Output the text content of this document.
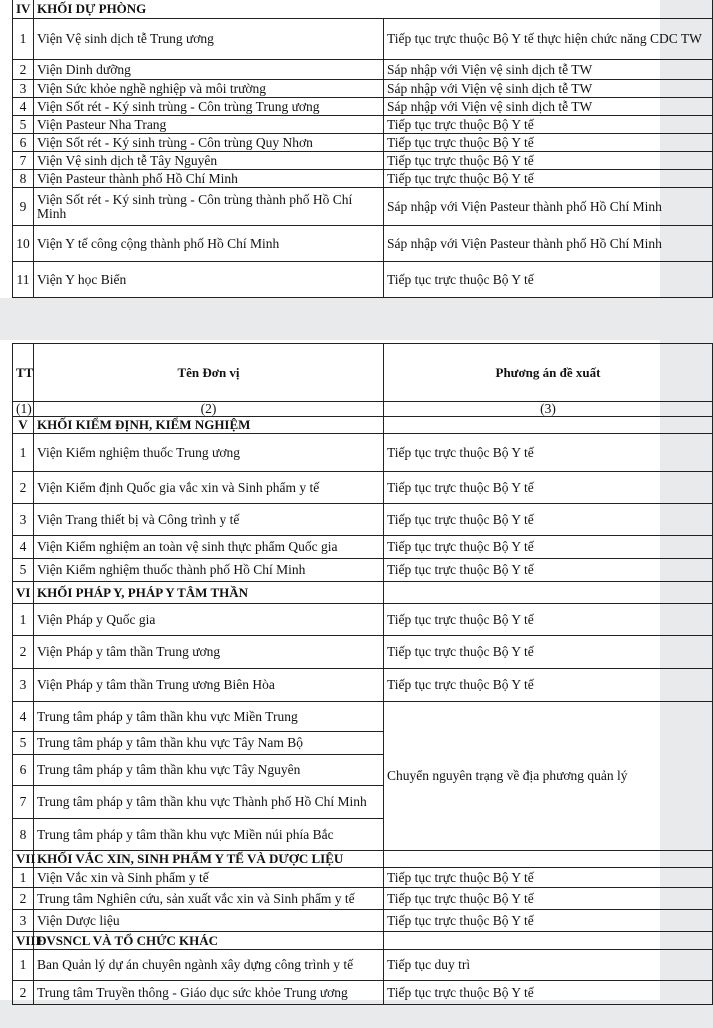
IV	KHỐI DỰ PHÒNG	
1	Viện Vệ sinh dịch tễ Trung ương	Tiếp tục trực thuộc Bộ Y tế thực hiện chức năng CDC TW
2	Viện Dinh dưỡng	Sáp nhập với Viện vệ sinh dịch tễ TW
3	Viện Sức khỏe nghề nghiệp và môi trường	Sáp nhập với Viện vệ sinh dịch tễ TW
4	Viện Sốt rét - Ký sinh trùng - Côn trùng Trung ương	Sáp nhập với Viện vệ sinh dịch tễ TW
5	Viện Pasteur Nha Trang	Tiếp tục trực thuộc Bộ Y tế
6	Viện Sốt rét - Ký sinh trùng - Côn trùng Quy Nhơn	Tiếp tục trực thuộc Bộ Y tế
7	Viện Vệ sinh dịch tễ Tây Nguyên	Tiếp tục trực thuộc Bộ Y tế
8	Viện Pasteur thành phố Hồ Chí Minh	Tiếp tục trực thuộc Bộ Y tế
9	Viện Sốt rét - Ký sinh trùng - Côn trùng thành phố Hồ Chí Minh	Sáp nhập với Viện Pasteur thành phố Hồ Chí Minh
10	Viện Y tế công cộng thành phố Hồ Chí Minh	Sáp nhập với Viện Pasteur thành phố Hồ Chí Minh
11	Viện Y học Biển	Tiếp tục trực thuộc Bộ Y tế
TT	Tên Đơn vị	Phương án đề xuất
(1)	(2)	(3)
V	KHỐI KIỂM ĐỊNH, KIỂM NGHIỆM	
1	Viện Kiểm nghiệm thuốc Trung ương	Tiếp tục trực thuộc Bộ Y tế
2	Viện Kiểm định Quốc gia vắc xin và Sinh phẩm y tế	Tiếp tục trực thuộc Bộ Y tế
3	Viện Trang thiết bị và Công trình y tế	Tiếp tục trực thuộc Bộ Y tế
4	Viện Kiểm nghiệm an toàn vệ sinh thực phẩm Quốc gia	Tiếp tục trực thuộc Bộ Y tế
5	Viện Kiểm nghiệm thuốc thành phố Hồ Chí Minh	Tiếp tục trực thuộc Bộ Y tế
VI	KHỐI PHÁP Y, PHÁP Y TÂM THẦN	
1	Viện Pháp y Quốc gia	Tiếp tục trực thuộc Bộ Y tế
2	Viện Pháp y tâm thần Trung ương	Tiếp tục trực thuộc Bộ Y tế
3	Viện Pháp y tâm thần Trung ương Biên Hòa	Tiếp tục trực thuộc Bộ Y tế
4	Trung tâm pháp y tâm thần khu vực Miền Trung	Chuyển nguyên trạng về địa phương quản lý
5	Trung tâm pháp y tâm thần khu vực Tây Nam Bộ	
6	Trung tâm pháp y tâm thần khu vực Tây Nguyên	
7	Trung tâm pháp y tâm thần khu vực Thành phố Hồ Chí Minh	
8	Trung tâm pháp y tâm thần khu vực Miền núi phía Bắc	
VII	KHỐI VẮC XIN, SINH PHẨM Y TẾ VÀ DƯỢC LIỆU	
1	Viện Vắc xin và Sinh phẩm y tế	Tiếp tục trực thuộc Bộ Y tế
2	Trung tâm Nghiên cứu, sản xuất vắc xin và Sinh phẩm y tế	Tiếp tục trực thuộc Bộ Y tế
3	Viện Dược liệu	Tiếp tục trực thuộc Bộ Y tế
VIII	ĐVSNCL VÀ TỔ CHỨC KHÁC	
1	Ban Quản lý dự án chuyên ngành xây dựng công trình y tế	Tiếp tục duy trì
2	Trung tâm Truyền thông - Giáo dục sức khỏe Trung ương	Tiếp tục trực thuộc Bộ Y tế
